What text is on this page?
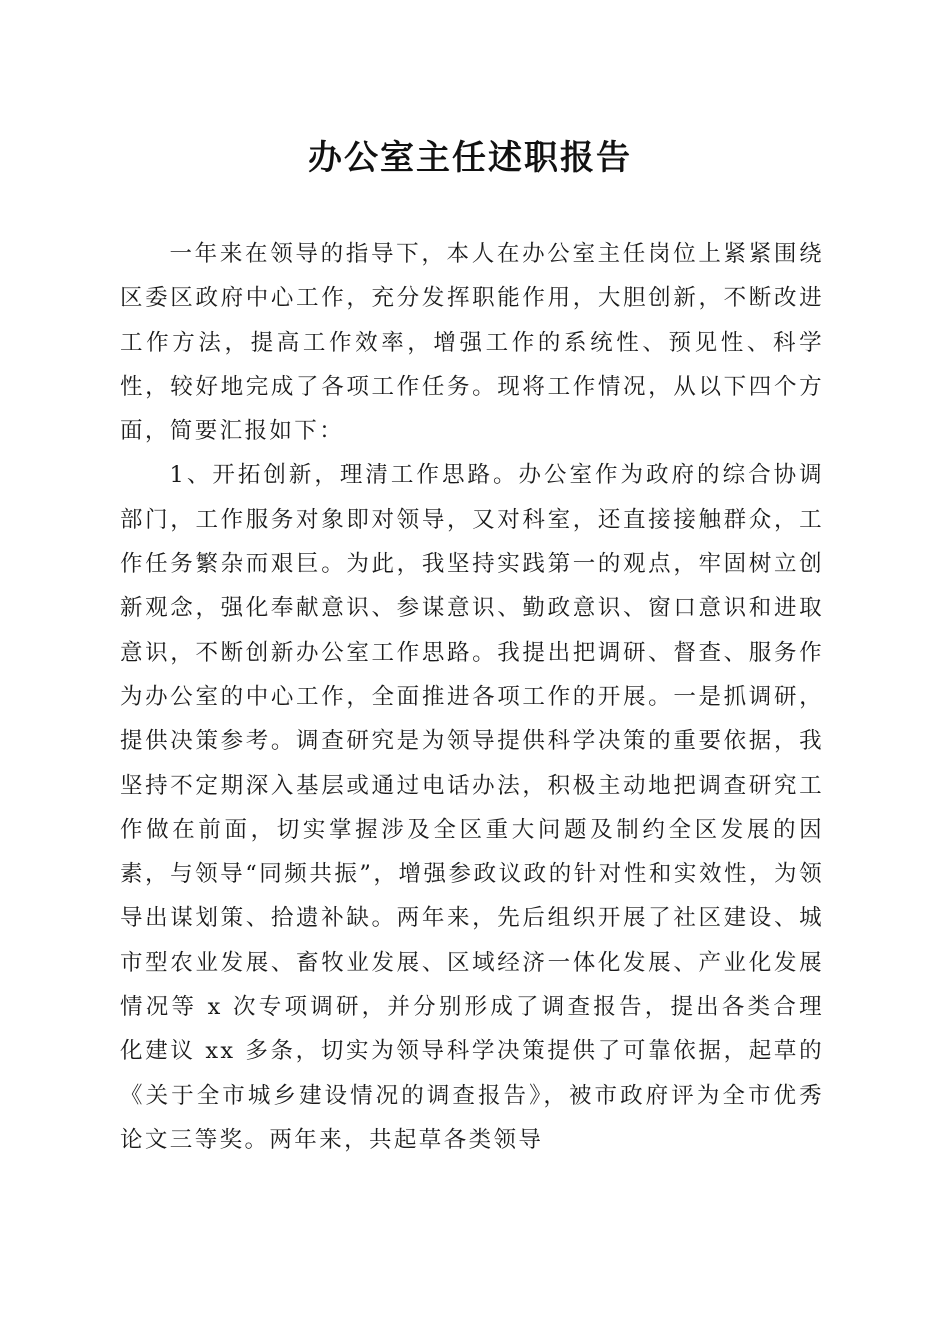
办公室主任述职报告

一年来在领导的指导下，本人在办公室主任岗位上紧紧围绕区委区政府中心工作，充分发挥职能作用，大胆创新，不断改进工作方法，提高工作效率，增强工作的系统性、预见性、科学性，较好地完成了各项工作任务。现将工作情况，从以下四个方面，简要汇报如下：

1、开拓创新，理清工作思路。办公室作为政府的综合协调部门，工作服务对象即对领导，又对科室，还直接接触群众，工作任务繁杂而艰巨。为此，我坚持实践第一的观点，牢固树立创新观念，强化奉献意识、参谋意识、勤政意识、窗口意识和进取意识，不断创新办公室工作思路。我提出把调研、督查、服务作为办公室的中心工作，全面推进各项工作的开展。一是抓调研，提供决策参考。调查研究是为领导提供科学决策的重要依据，我坚持不定期深入基层或通过电话办法，积极主动地把调查研究工作做在前面，切实掌握涉及全区重大问题及制约全区发展的因素，与领导“同频共振”，增强参政议政的针对性和实效性，为领导出谋划策、拾遗补缺。两年来，先后组织开展了社区建设、城市型农业发展、畜牧业发展、区域经济一体化发展、产业化发展情况等 x 次专项调研，并分别形成了调查报告，提出各类合理化建议 xx 多条，切实为领导科学决策提供了可靠依据，起草的《关于全市城乡建设情况的调查报告》，被市政府评为全市优秀论文三等奖。两年来，共起草各类领导
